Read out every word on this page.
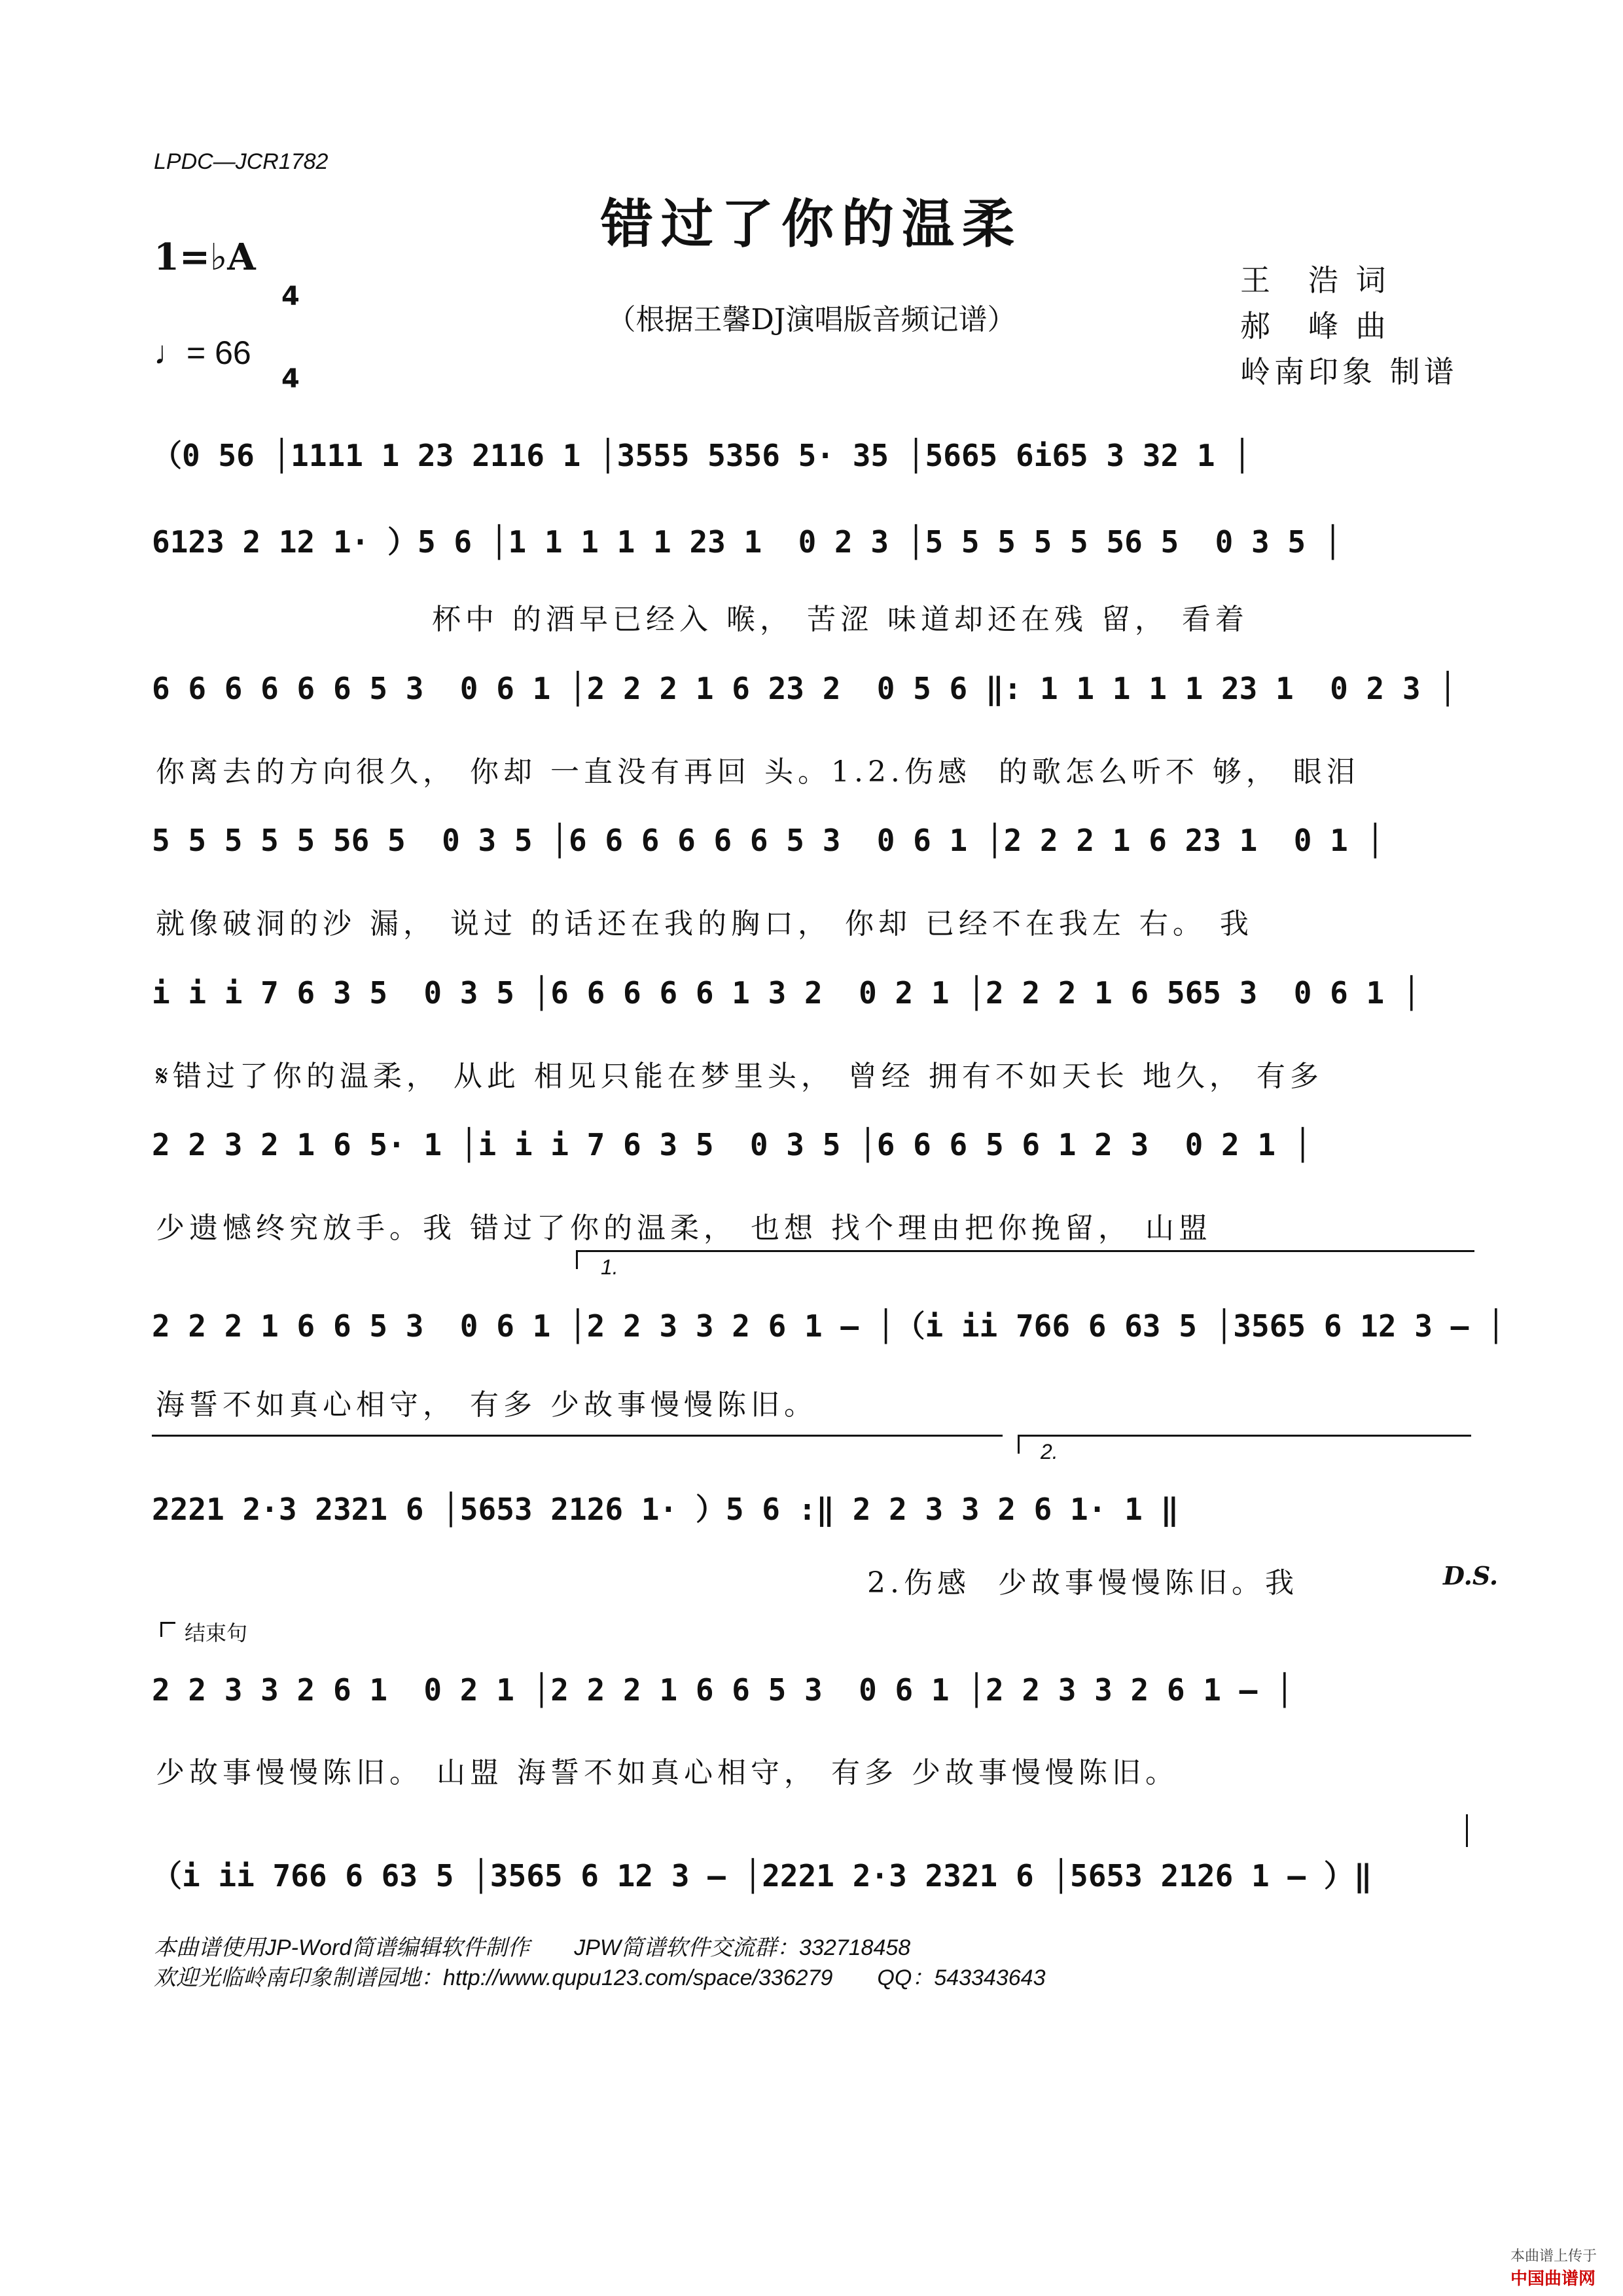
LPDC—JCR1782
错过了你的温柔
（根据王馨DJ演唱版音频记谱）
1=♭A

4

4

♩= 66
王　浩 词
郝　峰 曲
岭南印象 制谱
（0 56 │1111 1 23 2116 1 │3555 5356 5· 35 │5665 6i65 3 32 1 │
6123 2 12 1· ）5 6 │1 1 1 1 1 23 1  0 2 3 │5 5 5 5 5 56 5  0 3 5 │
杯中 的酒早已经入 喉， 苦涩 味道却还在残 留， 看着
6 6 6 6 6 6 5 3  0 6 1 │2 2 2 1 6 23 2  0 5 6 ‖: 1 1 1 1 1 23 1  0 2 3 │
你离去的方向很久， 你却 一直没有再回 头。1.2.伤感  的歌怎么听不 够， 眼泪
5 5 5 5 5 56 5  0 3 5 │6 6 6 6 6 6 5 3  0 6 1 │2 2 2 1 6 23 1  0 1 │
就像破洞的沙 漏， 说过 的话还在我的胸口， 你却 已经不在我左 右。 我
i i i 7 6 3 5  0 3 5 │6 6 6 6 6 1 3 2  0 2 1 │2 2 2 1 6 565 3  0 6 1 │
𝄋错过了你的温柔， 从此 相见只能在梦里头， 曾经 拥有不如天长 地久， 有多
2 2 3 2 1 6 5· 1 │i i i 7 6 3 5  0 3 5 │6 6 6 5 6 1 2 3  0 2 1 │
少遗憾终究放手。我 错过了你的温柔， 也想 找个理由把你挽留， 山盟
1.
2 2 2 1 6 6 5 3  0 6 1 │2 2 3 3 2 6 1 – │（i ii 766 6 63 5 │3565 6 12 3 – │
海誓不如真心相守， 有多 少故事慢慢陈旧。
2.
2221 2·3 2321 6 │5653 2126 1· ）5 6 :‖ 2 2 3 3 2 6 1· 1 ‖
2.伤感  少故事慢慢陈旧。我	D.S.
结束句
2 2 3 3 2 6 1  0 2 1 │2 2 2 1 6 6 5 3  0 6 1 │2 2 3 3 2 6 1 – │
少故事慢慢陈旧。 山盟 海誓不如真心相守， 有多 少故事慢慢陈旧。
（i ii 766 6 63 5 │3565 6 12 3 – │2221 2·3 2321 6 │5653 2126 1 – ）‖
本曲谱使用JP-Word简谱编辑软件制作　　JPW简谱软件交流群：332718458
欢迎光临岭南印象制谱园地：http://www.qupu123.com/space/336279　　QQ：543343643

本曲谱上传于
中国曲谱网
